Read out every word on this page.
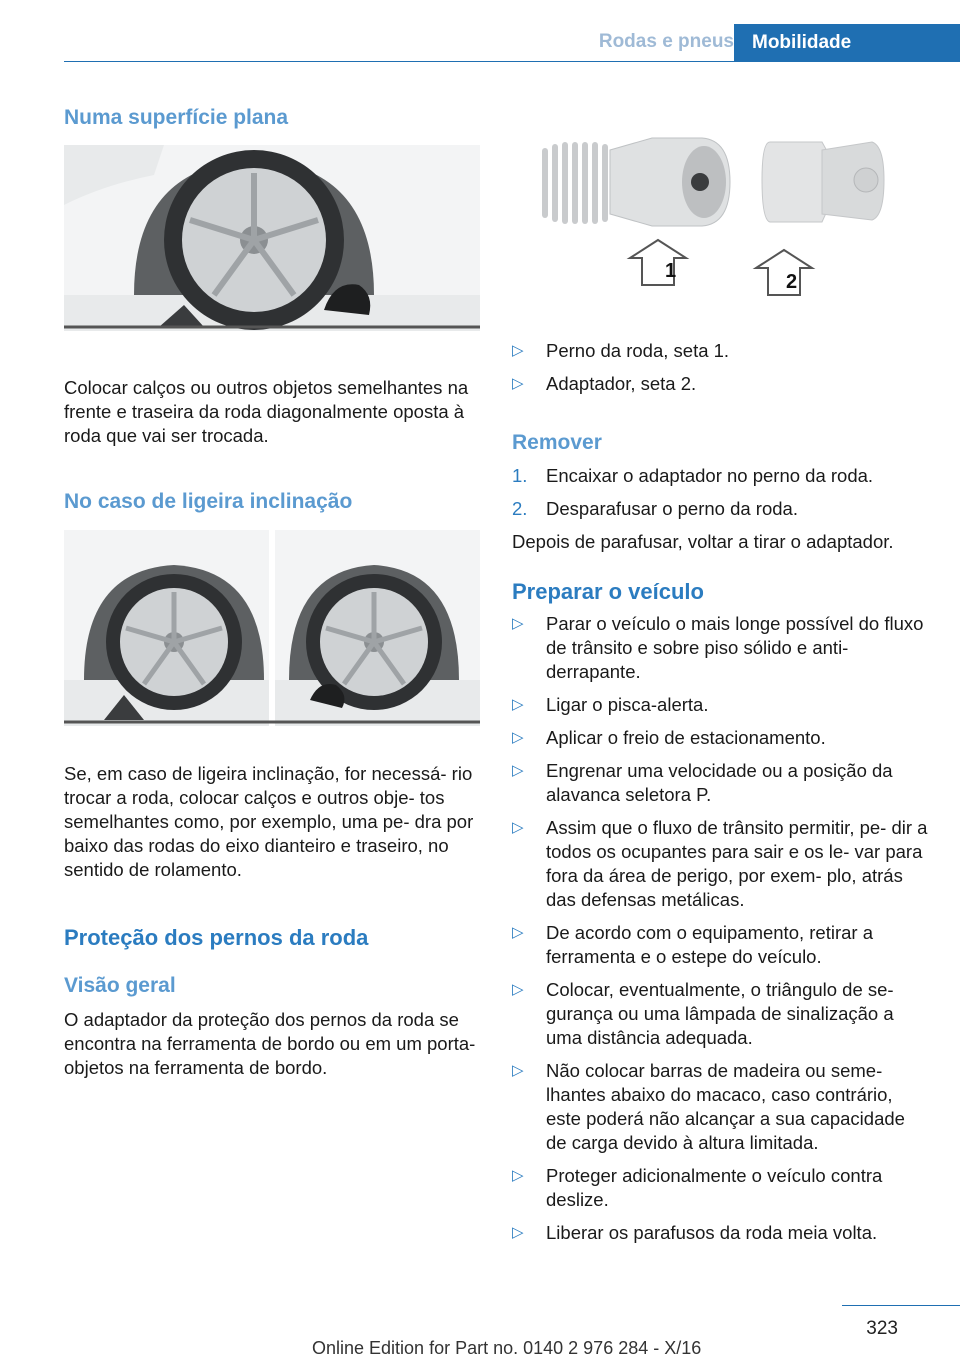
Rodas e pneus Mobilidade
Numa superfície plana

Colocar calços ou outros objetos semelhantes na frente e traseira da roda diagonalmente oposta à roda que vai ser trocada.

No caso de ligeira inclinação

Se, em caso de ligeira inclinação, for necessá‐ rio trocar a roda, colocar calços e outros obje‐ tos semelhantes como, por exemplo, uma pe‐ dra por baixo das rodas do eixo dianteiro e traseiro, no sentido de rolamento.

Proteção dos pernos da roda
Visão geral

O adaptador da proteção dos pernos da roda se encontra na ferramenta de bordo ou em um porta-objetos na ferramenta de bordo.

1	2
▷ Perno da roda, seta 1.
▷ Adaptador, seta 2.
Remover
1. Encaixar o adaptador no perno da roda.
2. Desparafusar o perno da roda.

Depois de parafusar, voltar a tirar o adaptador.

Preparar o veículo
▷ Parar o veículo o mais longe possível do fluxo de trânsito e sobre piso sólido e anti‐ derrapante.
▷ Ligar o pisca-alerta.
▷ Aplicar o freio de estacionamento.
▷ Engrenar uma velocidade ou a posição da alavanca seletora P.
▷ Assim que o fluxo de trânsito permitir, pe‐ dir a todos os ocupantes para sair e os le‐ var para fora da área de perigo, por exem‐ plo, atrás das defensas metálicas.
▷ De acordo com o equipamento, retirar a ferramenta e o estepe do veículo.
▷ Colocar, eventualmente, o triângulo de se‐ gurança ou uma lâmpada de sinalização a uma distância adequada.
▷ Não colocar barras de madeira ou seme‐ lhantes abaixo do macaco, caso contrário, este poderá não alcançar a sua capacidade de carga devido à altura limitada.
▷ Proteger adicionalmente o veículo contra deslize.
▷ Liberar os parafusos da roda meia volta.
323
Online Edition for Part no. 0140 2 976 284 - X/16
